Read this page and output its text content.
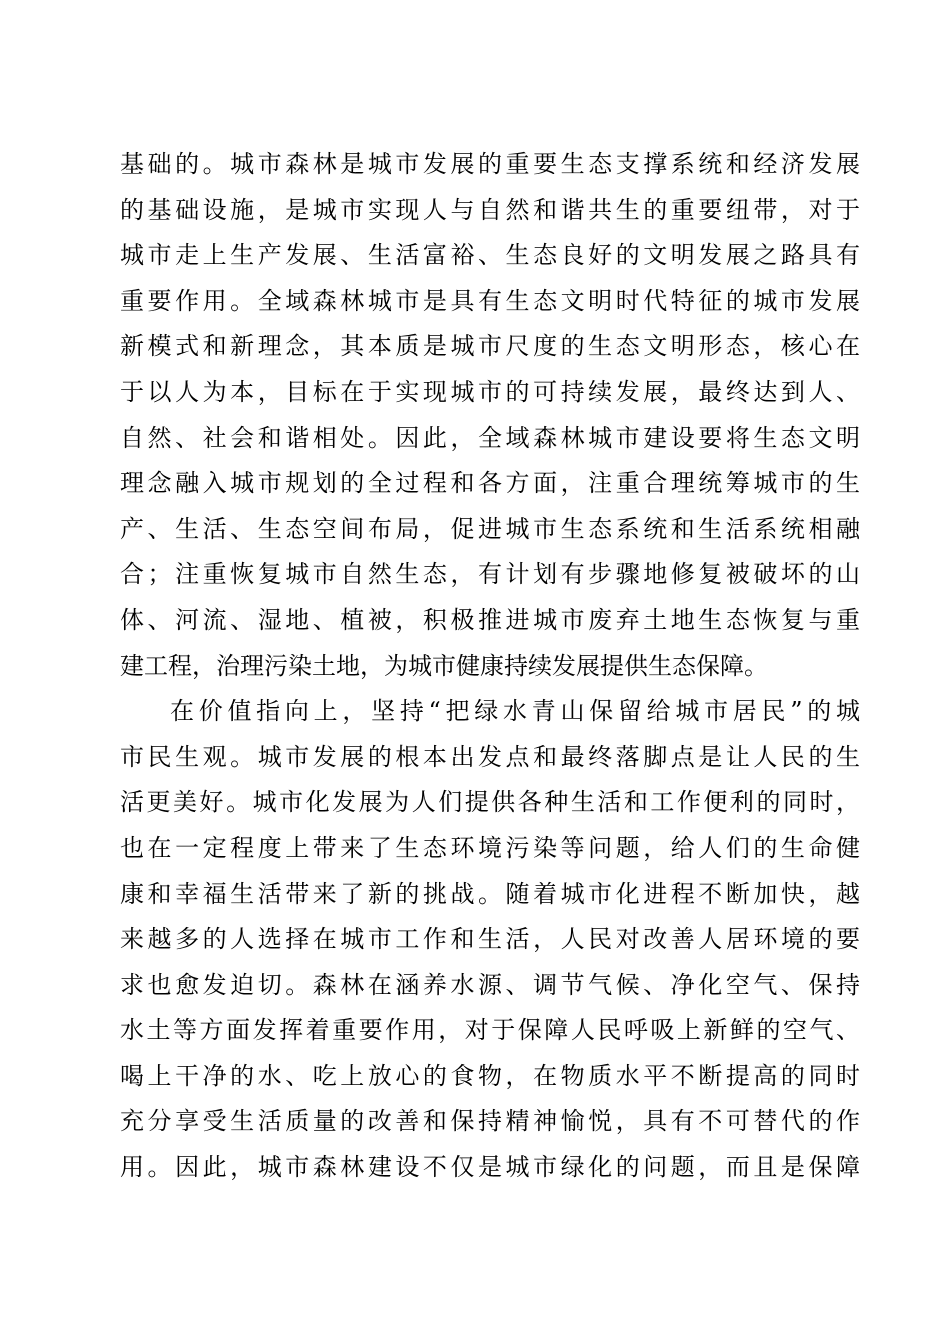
基础的。城市森林是城市发展的重要生态支撑系统和经济发展
的基础设施，是城市实现人与自然和谐共生的重要纽带，对于
城市走上生产发展、生活富裕、生态良好的文明发展之路具有
重要作用。全域森林城市是具有生态文明时代特征的城市发展
新模式和新理念，其本质是城市尺度的生态文明形态，核心在
于以人为本，目标在于实现城市的可持续发展，最终达到人、
自然、社会和谐相处。因此，全域森林城市建设要将生态文明
理念融入城市规划的全过程和各方面，注重合理统筹城市的生
产、生活、生态空间布局，促进城市生态系统和生活系统相融
合；注重恢复城市自然生态，有计划有步骤地修复被破坏的山
体、河流、湿地、植被，积极推进城市废弃土地生态恢复与重
建工程，治理污染土地，为城市健康持续发展提供生态保障。
在价值指向上，坚持“把绿水青山保留给城市居民”的城
市民生观。城市发展的根本出发点和最终落脚点是让人民的生
活更美好。城市化发展为人们提供各种生活和工作便利的同时，
也在一定程度上带来了生态环境污染等问题，给人们的生命健
康和幸福生活带来了新的挑战。随着城市化进程不断加快，越
来越多的人选择在城市工作和生活，人民对改善人居环境的要
求也愈发迫切。森林在涵养水源、调节气候、净化空气、保持
水土等方面发挥着重要作用，对于保障人民呼吸上新鲜的空气、
喝上干净的水、吃上放心的食物，在物质水平不断提高的同时
充分享受生活质量的改善和保持精神愉悦，具有不可替代的作
用。因此，城市森林建设不仅是城市绿化的问题，而且是保障
